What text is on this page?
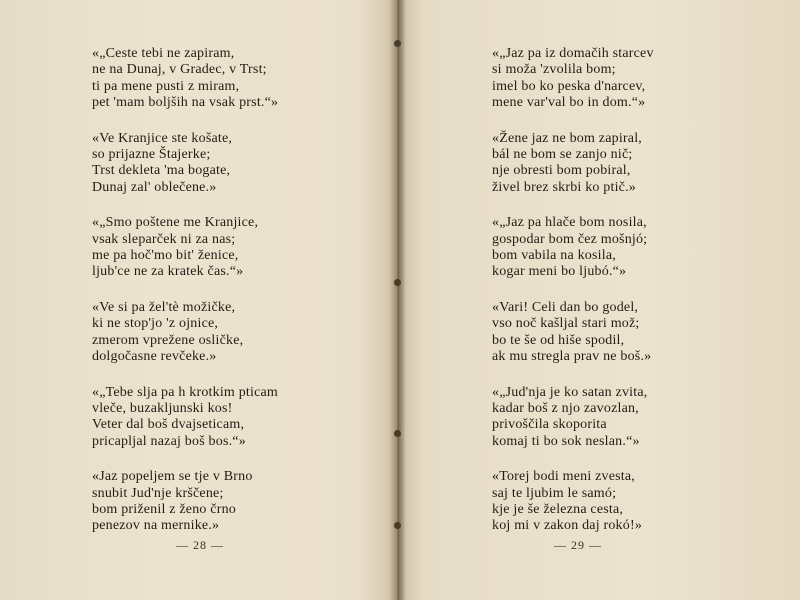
«„Ceste tebi ne zapiram,
ne na Dunaj, v Gradec, v Trst;
ti pa mene pusti z miram,
pet 'mam boljših na vsak prst.“»
«Ve Kranjice ste košate,
so prijazne Štajerke;
Trst dekleta 'ma bogate,
Dunaj zal' oblečene.»
«„Smo poštene me Kranjice,
vsak sleparček ni za nas;
me pa hoč'mo bit' ženice,
ljub'ce ne za kratek čas.“»
«Ve si pa žel'tè možičke,
ki ne stop'jo 'z ojnice,
zmerom vprežene osličke,
dolgočasne revčeke.»
«„Tebe slja pa h krotkim pticam
vleče, buzakljunski kos!
Veter dal boš dvajseticam,
pricapljal nazaj boš bos.“»
«Jaz popeljem se tje v Brno
snubit Jud'nje krščene;
bom priženil z ženo črno
penezov na mernike.»
— 28 —
«„Jaz pa iz domačih starcev
si moža 'zvolila bom;
imel bo ko peska d'narcev,
mene var'val bo in dom.“»
«Žene jaz ne bom zapiral,
bál ne bom se zanjo nič;
nje obresti bom pobiral,
živel brez skrbi ko ptič.»
«„Jaz pa hlače bom nosila,
gospodar bom čez mošnjó;
bom vabila na kosila,
kogar meni bo ljubó.“»
«Vari! Celi dan bo godel,
vso noč kašljal stari mož;
bo te še od hiše spodil,
ak mu stregla prav ne boš.»
«„Jud'nja je ko satan zvita,
kadar boš z njo zavozlan,
privoščila skoporita
komaj ti bo sok neslan.“»
«Torej bodi meni zvesta,
saj te ljubim le samó;
kje je še železna cesta,
koj mi v zakon daj rokó!»
— 29 —
